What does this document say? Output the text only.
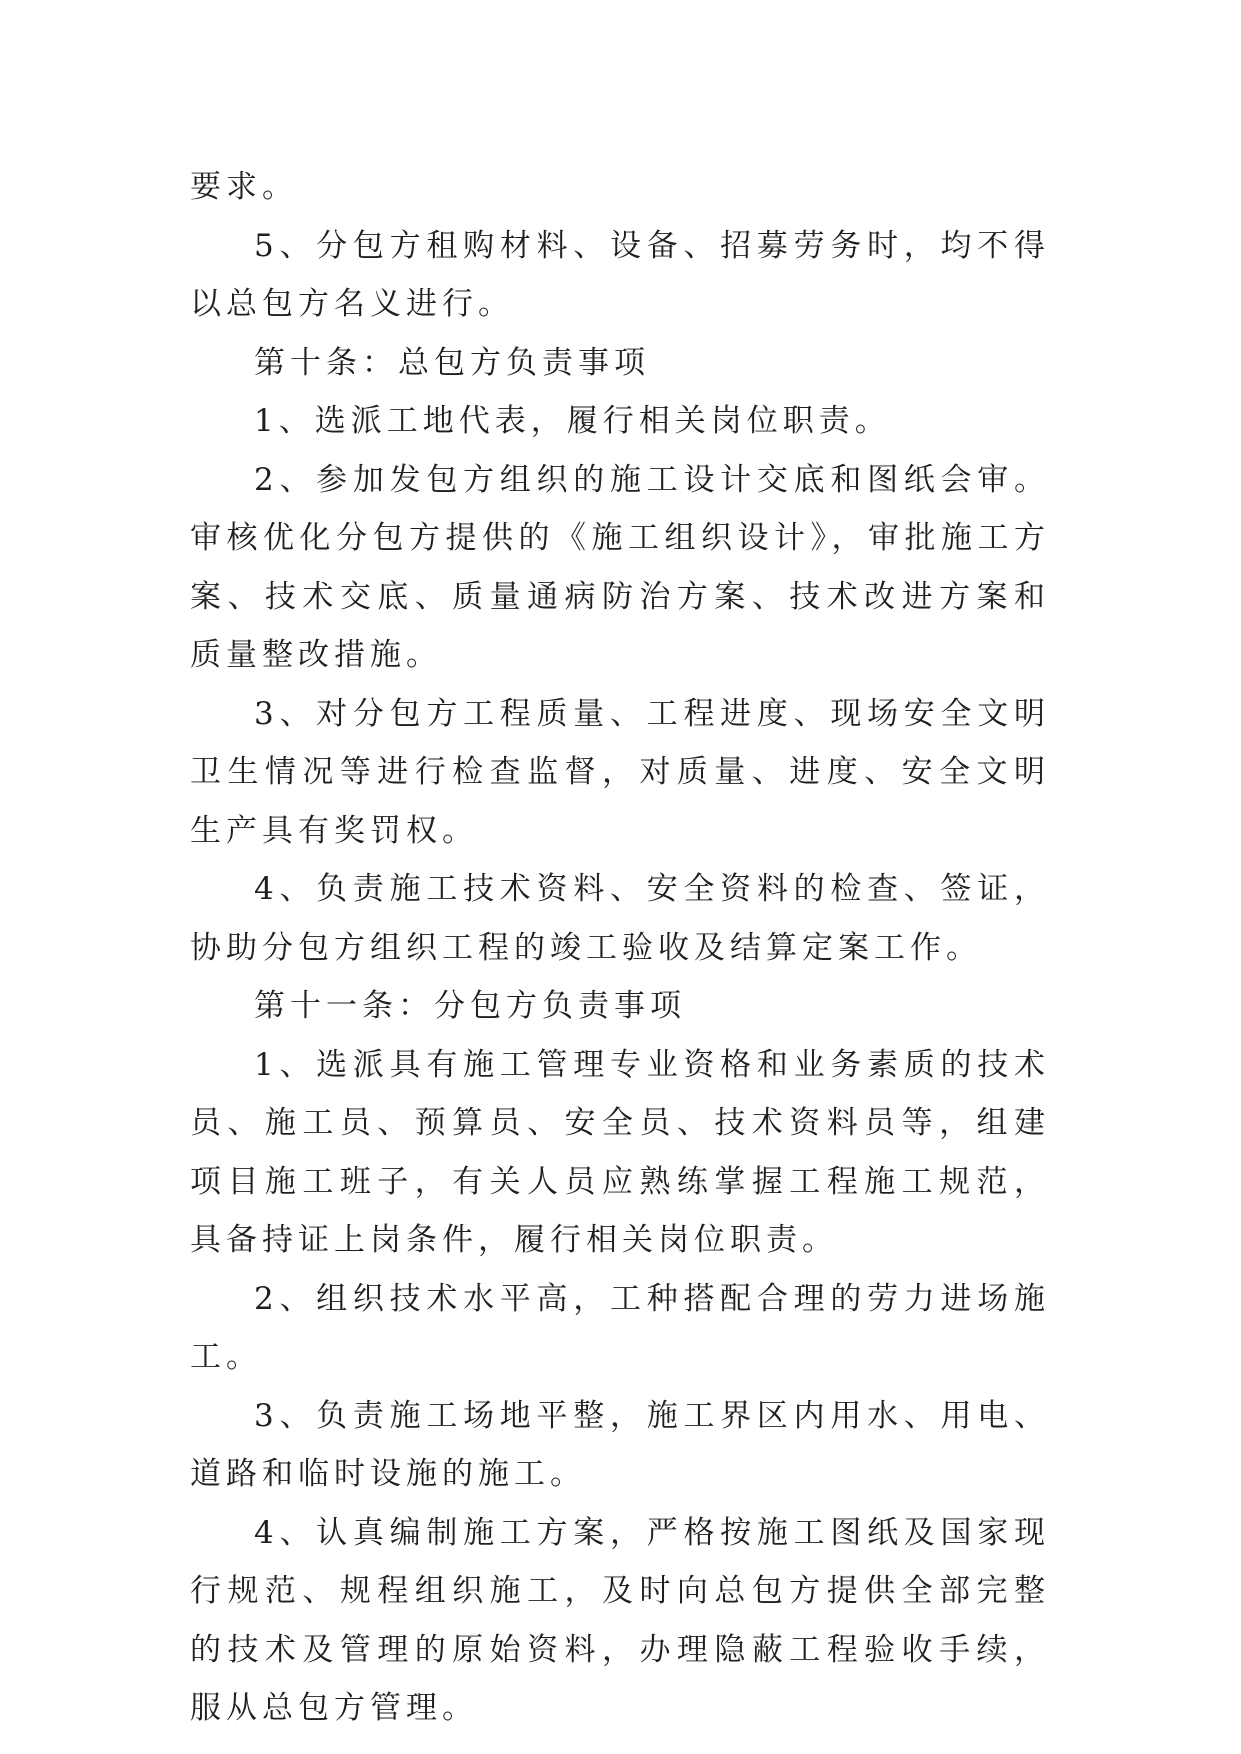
要求。

5、分包方租购材料、设备、招募劳务时，均不得以总包方名义进行。

第十条：总包方负责事项

1、选派工地代表，履行相关岗位职责。

2、参加发包方组织的施工设计交底和图纸会审。审核优化分包方提供的《施工组织设计》，审批施工方案、技术交底、质量通病防治方案、技术改进方案和质量整改措施。

3、对分包方工程质量、工程进度、现场安全文明卫生情况等进行检查监督，对质量、进度、安全文明生产具有奖罚权。

4、负责施工技术资料、安全资料的检查、签证，协助分包方组织工程的竣工验收及结算定案工作。

第十一条：分包方负责事项

1、选派具有施工管理专业资格和业务素质的技术员、施工员、预算员、安全员、技术资料员等，组建项目施工班子，有关人员应熟练掌握工程施工规范，具备持证上岗条件，履行相关岗位职责。

2、组织技术水平高，工种搭配合理的劳力进场施工。

3、负责施工场地平整，施工界区内用水、用电、道路和临时设施的施工。

4、认真编制施工方案，严格按施工图纸及国家现行规范、规程组织施工，及时向总包方提供全部完整的技术及管理的原始资料，办理隐蔽工程验收手续，服从总包方管理。
